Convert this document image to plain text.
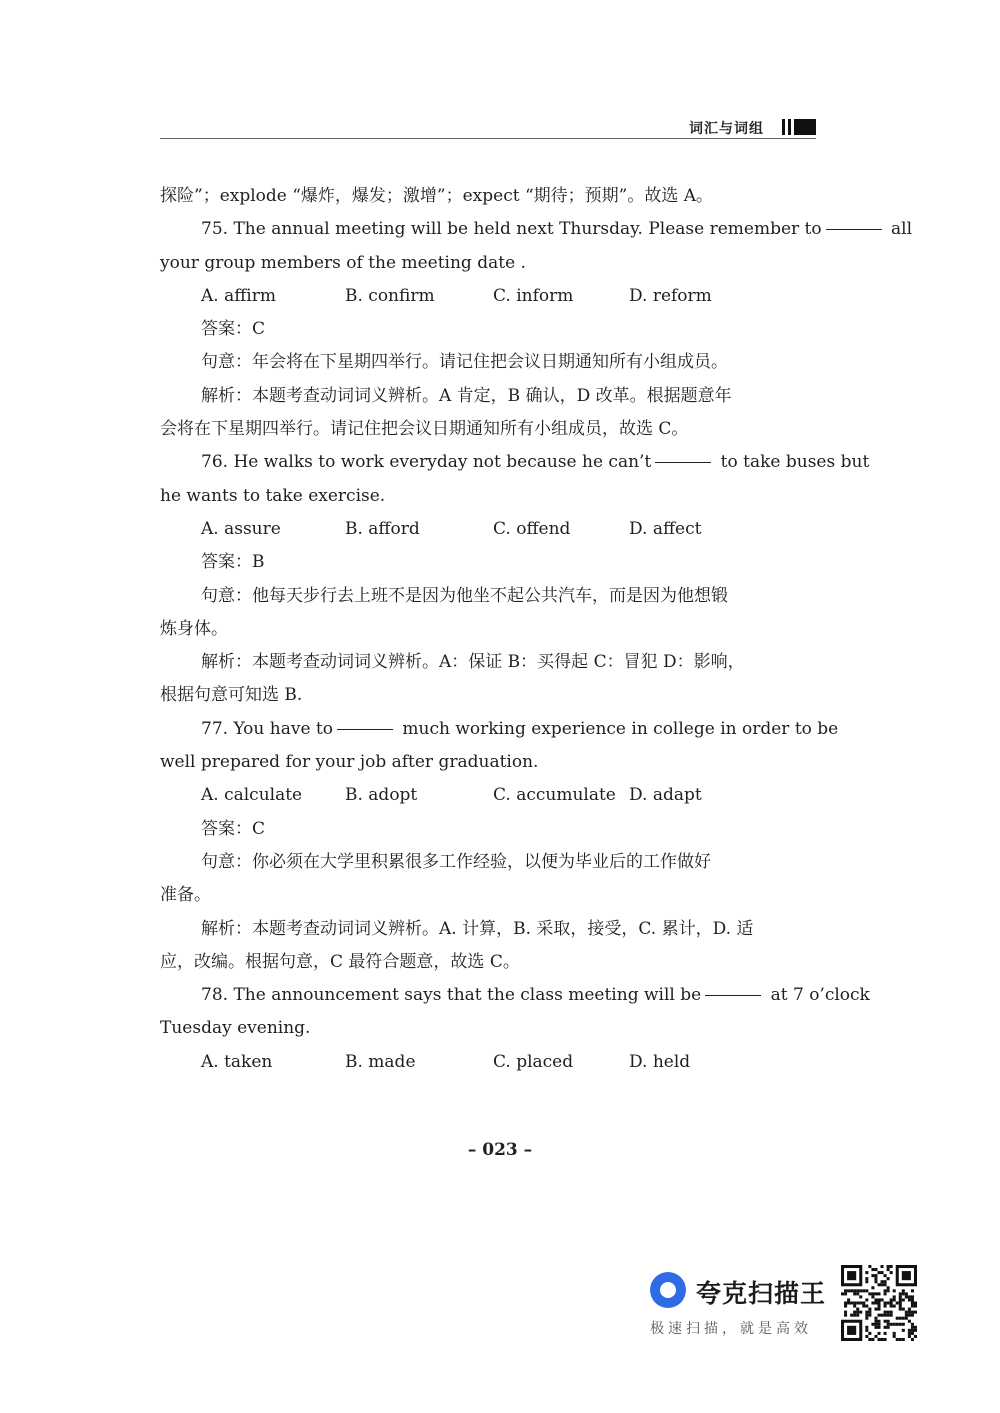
词汇与词组
探险”；explode “爆炸，爆发；激增”；expect “期待；预期”。故选 A。
75. The annual meeting will be held next Thursday. Please remember to	all
your group members of the meeting date .
A. affirm	B. confirm	C. inform	D. reform
答案：C
句意：年会将在下星期四举行。请记住把会议日期通知所有小组成员。
解析：本题考查动词词义辨析。A 肯定，B 确认，D 改革。根据题意年
会将在下星期四举行。请记住把会议日期通知所有小组成员，故选 C。
76. He walks to work everyday not because he can’t	to take buses but
he wants to take exercise.
A. assure	B. afford	C. offend	D. affect
答案：B
句意：他每天步行去上班不是因为他坐不起公共汽车，而是因为他想锻
炼身体。
解析：本题考查动词词义辨析。A：保证 B：买得起 C：冒犯 D：影响，
根据句意可知选 B.
77. You have to	much working experience in college in order to be
well prepared for your job after graduation.
A. calculate	B. adopt	C. accumulate D. adapt
答案：C
句意：你必须在大学里积累很多工作经验，以便为毕业后的工作做好
准备。
解析：本题考查动词词义辨析。A. 计算，B. 采取，接受，C. 累计，D. 适
应，改编。根据句意，C 最符合题意，故选 C。
78. The announcement says that the class meeting will be	at 7 o’clock
Tuesday evening.
A. taken	B. made	C. placed	D. held
– 023 –
夸克扫描王
极速扫描，就是高效
